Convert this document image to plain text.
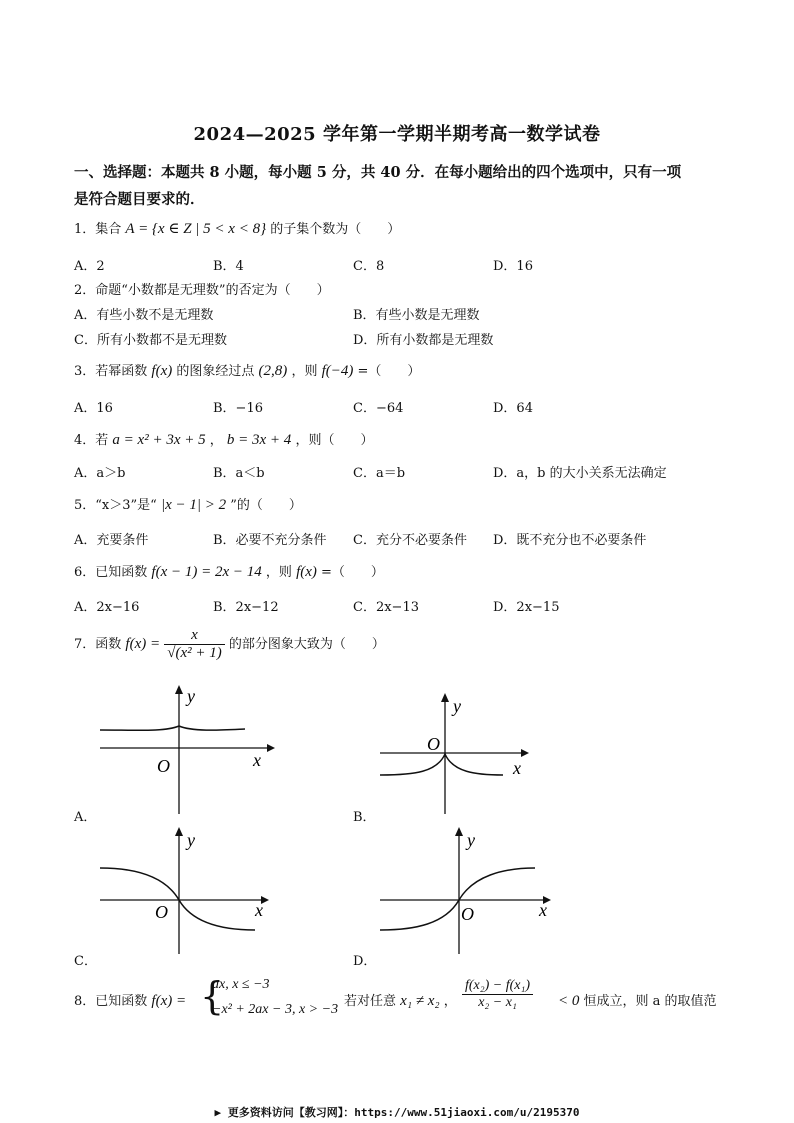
2024—2025 学年第一学期半期考高一数学试卷
一、选择题：本题共 8 小题，每小题 5 分，共 40 分．在每小题给出的四个选项中，只有一项
是符合题目要求的．
1．集合 A = {x ∈ Z | 5 < x < 8} 的子集个数为（　　）
A．2	B．4	C．8	D．16
2．命题“小数都是无理数”的否定为（　　）
A．有些小数不是无理数	B．有些小数是无理数
C．所有小数都不是无理数	D．所有小数都是无理数
3．若幂函数 f(x) 的图象经过点 (2,8) ，则 f(−4) =（　　）
A．16	B．−16	C．−64	D．64
4．若 a = x² + 3x + 5 ， b = 3x + 4 ，则（　　）
A．a＞b	B．a＜b	C．a＝b	D．a，b 的大小关系无法确定
5．“x＞3”是“ |x − 1| > 2 ”的（　　）
A．充要条件	B．必要不充分条件 C．充分不必要条件 D．既不充分也不必要条件
6．已知函数 f(x − 1) = 2x − 14 ，则 f(x) =（　　）
A．2x−16	B．2x−12	C．2x−13	D．2x−15
7．函数 $f(x) = \frac{x}{\text{√(x² + 1)}}$ 的部分图象大致为（　　）
y
x
O
A．
y
x
O
B．
y
x
O
C．
y
x
O
D．
8．已知函数 f(x) = {
ax, x ≤ −3
−x² + 2ax − 3, x > −3
若对任意 x₁ ≠ x₂ ， $\frac{\text{f(x₂) − f(x₁)}}{\text{x₂ − x₁}} < 0$ 恒成立，则 a 的取值范
▶ 更多资料访问【教习网】：https://www.51jiaoxi.com/u/2195370
